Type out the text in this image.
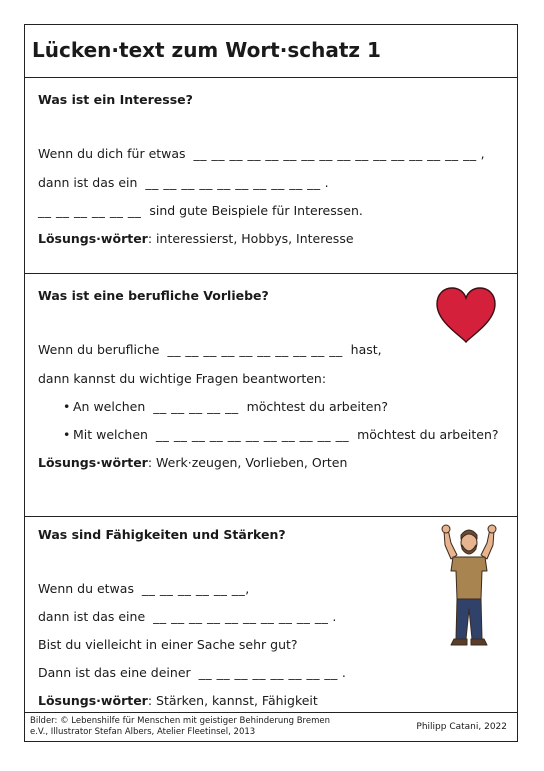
Lücken·text zum Wort·schatz 1
Was ist ein Interesse?
Wenn du dich für etwas __ __ __ __ __ __ __ __ __ __ __ __ __ __ __ __ ,
dann ist das ein __ __ __ __ __ __ __ __ __ __ .
__ __ __ __ __ __ sind gute Beispiele für Interessen.
Lösungs·wörter: interessierst, Hobbys, Interesse
Was ist eine berufliche Vorliebe?
Wenn du berufliche __ __ __ __ __ __ __ __ __ __ hast,
dann kannst du wichtige Fragen beantworten:
• An welchen __ __ __ __ __ möchtest du arbeiten?
• Mit welchen __ __ __ __ __ __ __ __ __ __ __ möchtest du arbeiten?
Lösungs·wörter: Werk·zeugen, Vorlieben, Orten
Was sind Fähigkeiten und Stärken?
Wenn du etwas __ __ __ __ __ __,
dann ist das eine __ __ __ __ __ __ __ __ __ __ .
Bist du vielleicht in einer Sache sehr gut?
Dann ist das eine deiner __ __ __ __ __ __ __ __ .
Lösungs·wörter: Stärken, kannst, Fähigkeit
Bilder: © Lebenshilfe für Menschen mit geistiger Behinderung Bremen e.V., Illustrator Stefan Albers, Atelier Fleetinsel, 2013	Philipp Catani, 2022
